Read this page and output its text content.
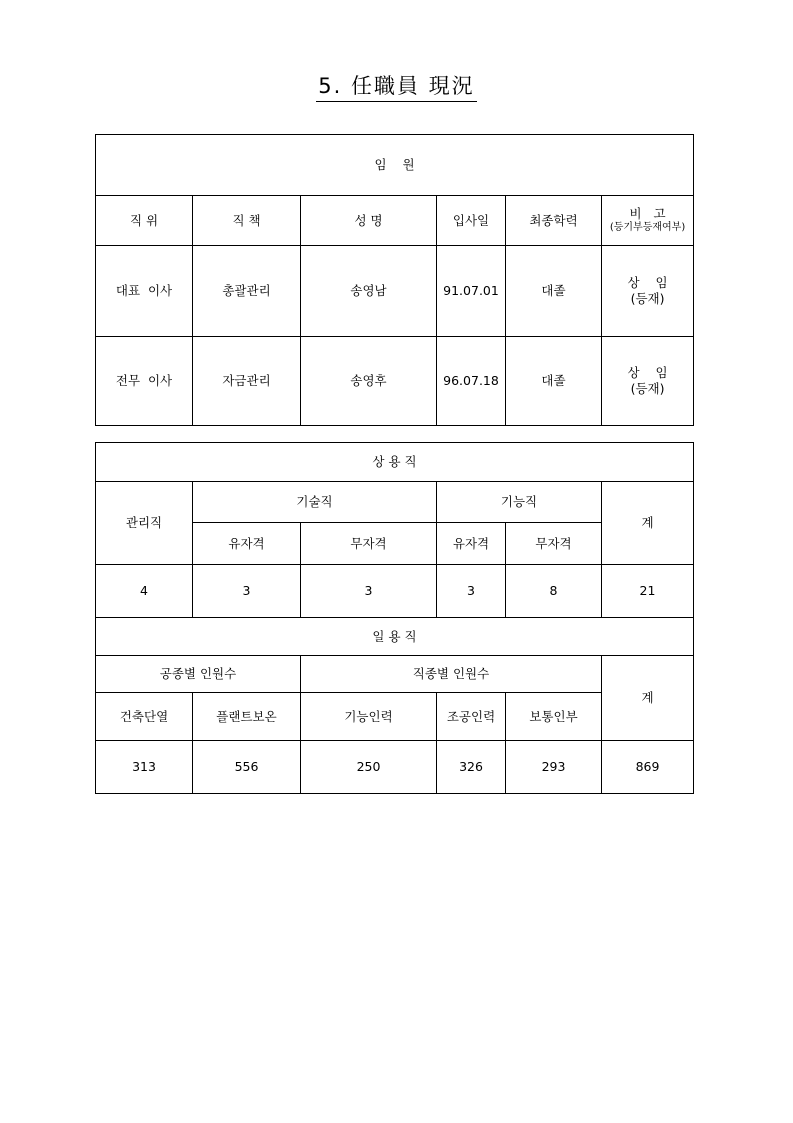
5. 任職員 現況
임    원					
직 위	직 책	성 명	입사일	최종학력	비   고
(등기부등재여부)

대표  이사	총괄관리	송영남	91.07.01	대졸	상    임
(등재)

전무  이사	자금관리	송영후	96.07.18	대졸	상    임
(등재)
상 용 직					
관리직	기술직		기능직		계
	유자격	무자격	유자격	무자격	
4	3	3	3	8	21
일 용 직					
공종별 인원수		직종별 인원수			계
건축단열	플랜트보온	기능인력	조공인력	보통인부	
313	556	250	326	293	869
